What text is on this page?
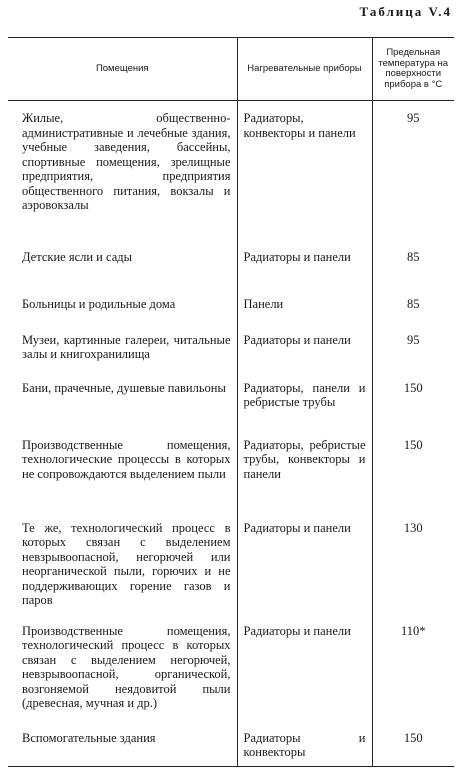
Таблица V.4
Помещения	Нагревательные приборы	Предельная температура на поверхности прибора в °С

Жилые, общественно-административные и лечебные здания, учебные заведения, бассейны, спортивные помещения, зрелищные предприятия, предприятия общественного питания, вокзалы и аэровокзалы	Радиаторы, конвекторы и панели	95

Детские ясли и сады	Радиаторы и панели	85

Больницы и родильные дома	Панели	85

Музеи, картинные галереи, читальные залы и книгохранилища	Радиаторы и панели	95

Бани, прачечные, душевые павильоны	Радиаторы, панели и ребристые трубы	150

Производственные помещения, технологические процессы в которых не сопровождаются выделением пыли	Радиаторы, ребристые трубы, конвекторы и панели	150

Те же, технологический процесс в которых связан с выделением невзрывоопасной, негорючей или неорганической пыли, горючих и не поддерживающих горение газов и паров	Радиаторы и панели	130

Производственные помещения, технологический процесс в которых связан с выделением негорючей, невзрывоопасной, органической, возгоняемой неядовитой пыли (древесная, мучная и др.)	Радиаторы и панели	110*

Вспомогательные здания	Радиаторы и конвекторы	150
